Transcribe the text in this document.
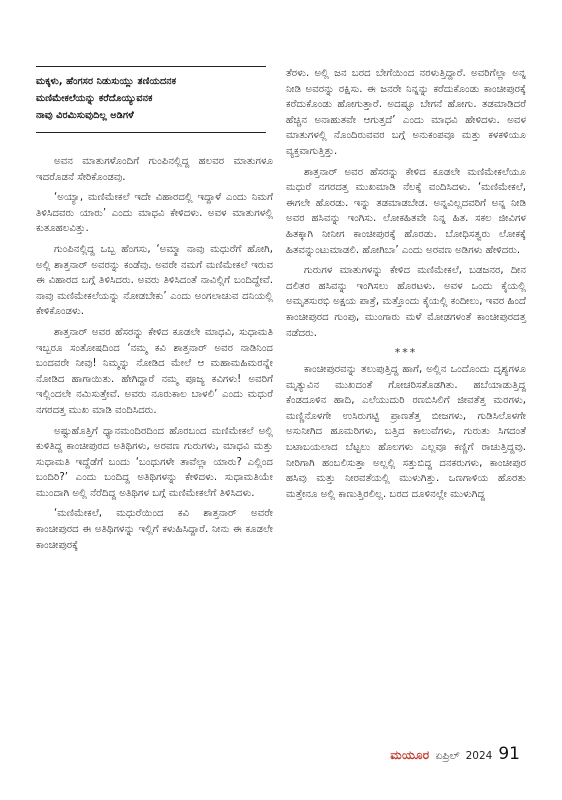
ಮಕ್ಕಳು, ಹೆಂಗಸರ ನಿಡುಸುಯ್ಲು ತಣಿಯದನಕ
ಮಣಿಮೇಕಲೆಯನ್ನು ಕರೆದೊಯ್ಯುವನಕ
ನಾವು ವಿರಮಿಸುವುದಿಲ್ಲ ಅಡಿಗಳೆ

ಅವನ ಮಾತುಗಳೊಂದಿಗೆ ಗುಂಪಿನಲ್ಲಿದ್ದ ಹಲವರ ಮಾತುಗಳೂ ಇದರೊಡನೆ ಸೇರಿಕೊಂಡವು.

‘ಅಯ್ಯಾ, ಮಣಿಮೇಕಲೆ ಇದೇ ವಿಹಾರದಲ್ಲಿ ಇದ್ದಾಳೆ ಎಂದು ನಿಮಗೆ ತಿಳಿಸಿದವರು ಯಾರು’ ಎಂದು ಮಾಧವಿ ಕೇಳಿದಳು. ಅವಳ ಮಾತುಗಳಲ್ಲಿ ಕುತೂಹಲವಿತ್ತು.

ಗುಂಪಿನಲ್ಲಿದ್ದ ಒಬ್ಬ ಹೆಂಗಸು, ‘ಅಮ್ಮಾ ನಾವು ಮಧುರೆಗೆ ಹೋಗಿ, ಅಲ್ಲಿ ಶಾತ್ತನಾರ್ ಅವರನ್ನು ಕಂಡೆವು. ಅವರೇ ನಮಗೆ ಮಣಿಮೇಕಲೆ ಇರುವ ಈ ವಿಹಾರದ ಬಗ್ಗೆ ತಿಳಿಸಿದರು. ಅವರು ತಿಳಿಸಿದಂತೆ ನಾವಿಲ್ಲಿಗೆ ಬಂದಿದ್ದೇವೆ. ನಾವು ಮಣಿಮೇಕಲೆಯನ್ನು ನೋಡಬೇಕು’ ಎಂದು ಅಂಗಲಾಚುವ ದನಿಯಲ್ಲಿ ಕೇಳಿಕೊಂಡಳು.

ಶಾತ್ತನಾರ್ ಅವರ ಹೆಸರನ್ನು ಕೇಳಿದ ಕೂಡಲೇ ಮಾಧವಿ, ಸುಧಾಮತಿ ಇಬ್ಬರೂ ಸಂತೋಷದಿಂದ ‘ನಮ್ಮ ಕವಿ ಶಾತ್ತನಾರ್ ಅವರ ನಾಡಿನಿಂದ ಬಂದವರೇ ನೀವು! ನಿಮ್ಮನ್ನು ನೋಡಿದ ಮೇಲೆ ಆ ಮಹಾಮಹಿಮರನ್ನೇ ನೋಡಿದ ಹಾಗಾಯಿತು. ಹೇಗಿದ್ದಾರೆ ನಮ್ಮ ಪೂಜ್ಯ ಕವಿಗಳು! ಅವರಿಗೆ ಇಲ್ಲಿಂದಲೇ ನಮಿಸುತ್ತೇವೆ. ಅವರು ನೂರುಕಾಲ ಬಾಳಲಿ’ ಎಂದು ಮಧುರೆ ನಗರದತ್ತ ಮುಖ ಮಾಡಿ ವಂದಿಸಿದರು.

ಅಷ್ಟುಹೊತ್ತಿಗೆ ಧ್ಯಾನಮಂದಿರದಿಂದ ಹೊರಬಂದ ಮಣಿಮೇಕಲೆ ಅಲ್ಲಿ ಕುಳಿತಿದ್ದ ಕಾಂಚೀಪುರದ ಅತಿಥಿಗಳು, ಅರವಣ ಗುರುಗಳು, ಮಾಧವಿ ಮತ್ತು ಸುಧಾಮತಿ ಇದ್ದೆಡೆಗೆ ಬಂದು ‘ಬಂಧುಗಳೇ ತಾವೆಲ್ಲಾ ಯಾರು? ಎಲ್ಲಿಂದ ಬಂದಿರಿ?’ ಎಂದು ಬಂದಿದ್ದ ಅತಿಥಿಗಳನ್ನು ಕೇಳಿದಳು. ಸುಧಾಮತಿಯೇ ಮುಂದಾಗಿ ಅಲ್ಲಿ ನೆರೆದಿದ್ದ ಅತಿಥಿಗಳ ಬಗ್ಗೆ ಮಣಿಮೇಕಲೆಗೆ ತಿಳಿಸಿದಳು.

‘ಮಣಿಮೇಕಲೆ, ಮಧುರೆಯಿಂದ ಕವಿ ಶಾತ್ತನಾರ್ ಅವರೇ ಕಾಂಚೀಪುರದ ಈ ಅತಿಥಿಗಳನ್ನು ಇಲ್ಲಿಗೆ ಕಳುಹಿಸಿದ್ದಾರೆ. ನೀನು ಈ ಕೂಡಲೇ ಕಾಂಚೀಪುರಕ್ಕೆ

ತೆರಳು. ಅಲ್ಲಿ ಜನ ಬರದ ಬೇಗೆಯಿಂದ ನರಳುತ್ತಿದ್ದಾರೆ. ಅವರಿಗೆಲ್ಲಾ ಅನ್ನ ನೀಡಿ ಅವರನ್ನು ರಕ್ಷಿಸು. ಈ ಜನರೇ ನಿನ್ನನ್ನು ಕರೆದುಕೊಂಡು ಕಾಂಚೀಪುರಕ್ಕೆ ಕರೆದುಕೊಂಡು ಹೋಗುತ್ತಾರೆ. ಅದಷ್ಟೂ ಬೇಗನೆ ಹೋಗು. ತಡಮಾಡಿದರೆ ಹೆಚ್ಚಿನ ಅನಾಹುತವೇ ಆಗುತ್ತದೆ’ ಎಂದು ಮಾಧವಿ ಹೇಳಿದಳು. ಅವಳ ಮಾತುಗಳಲ್ಲಿ ನೊಂದಿರುವವರ ಬಗ್ಗೆ ಅನುಕಂಪವೂ ಮತ್ತು ಕಳಕಳಿಯೂ ವ್ಯಕ್ತವಾಗುತ್ತಿತ್ತು.

ಶಾತ್ತನಾರ್ ಅವರ ಹೆಸರನ್ನು ಕೇಳಿದ ಕೂಡಲೇ ಮಣಿಮೇಕಲೆಯೂ ಮಧುರೆ ನಗರದತ್ತ ಮುಖಮಾಡಿ ನೆಲಕ್ಕೆ ವಂದಿಸಿದಳು. ‘ಮಣಿಮೇಕಲೆ, ಈಗಲೇ ಹೊರಡು. ಇನ್ನು ತಡಮಾಡಬೇಡ. ಅನ್ನವಿಲ್ಲದವರಿಗೆ ಅನ್ನ ನೀಡಿ ಅವರ ಹಸಿವನ್ನು ಇಂಗಿಸು. ಲೋಕಹಿತವೇ ನಿನ್ನ ಹಿತ. ಸಕಲ ಜೀವಿಗಳ ಹಿತಕ್ಕಾಗಿ ನೀನೀಗ ಕಾಂಚೀಪುರಕ್ಕೆ ಹೊರಡು. ಬೋಧಿಸತ್ವರು ಲೋಕಕ್ಕೆ ಹಿತವನ್ನುಂಟುಮಾಡಲಿ. ಹೋಗಿಬಾ’ ಎಂದು ಅರವಣ ಅಡಿಗಳು ಹೇಳಿದರು.

ಗುರುಗಳ ಮಾತುಗಳನ್ನು ಕೇಳಿದ ಮಣಿಮೇಕಲೆ, ಬಡಜನರ, ದೀನ ದಲಿತರ ಹಸಿವನ್ನು ಇಂಗಿಸಲು ಹೊರಟಳು. ಅವಳ ಒಂದು ಕೈಯಲ್ಲಿ ಅಮೃತಸುರಭಿ ಅಕ್ಷಯ ಪಾತ್ರೆ, ಮತ್ತೊಂದು ಕೈಯಲ್ಲಿ ಕಂದೀಲು, ಇವರ ಹಿಂದೆ ಕಾಂಚೀಪುರದ ಗುಂಪು, ಮುಂಗಾರು ಮಳೆ ಮೋಡಗಳಂತೆ ಕಾಂಚೀಪುರದತ್ತ ನಡೆದರು.

***

ಕಾಂಚೀಪುರವನ್ನು ತಲುಪುತ್ತಿದ್ದ ಹಾಗೆ, ಅಲ್ಲಿನ ಒಂದೊಂದು ದೃಶ್ಯಗಳೂ ಮೃತ್ಯುವಿನ ಮುಖದಂತೆ ಗೋಚರಿಸತೊಡಗಿತು. ಹಬೆಯಾಡುತ್ತಿದ್ದ ಕೆಂಡದೂಳಿನ ಹಾದಿ, ಎಲೆಯುದುರಿ ರಣಬಿಸಿಲಿಗೆ ಜೀವತೆತ್ತ ಮರಗಳು, ಮಣ್ಣಿನೊಳಗೇ ಉಸಿರುಗಟ್ಟಿ ಪ್ರಾಣತೆತ್ತ ಬೀಜಗಳು, ಗುಡಿಸಿಲೊಳಗೇ ಅಸುನೀಗಿದ ಹೂಮರಿಗಳು, ಬತ್ತಿದ ಕಾಲುವೆಗಳು, ಗುರುತು ಸಿಗದಂತೆ ಬಟಾಬಯಲಾದ ಬೆಟ್ಟಲು ಹೊಲಗಳು ಎಲ್ಲವೂ ಕಣ್ಣಿಗೆ ರಾಚುತ್ತಿದ್ದವು. ನೀರಿಗಾಗಿ ಹಂಬಲಿಸುತ್ತಾ ಅಲ್ಲಲ್ಲಿ ಸತ್ತುಬಿದ್ದ ದನಕರುಗಳು, ಕಾಂಚೀಪುರ ಹಸಿವು ಮತ್ತು ನೀರವತೆಯಲ್ಲಿ ಮುಳುಗಿತ್ತು. ಒಣಗಾಳಿಯ ಹೊರತು ಮತ್ತೇನೂ ಅಲ್ಲಿ ಕಾಣುತ್ತಿರಲಿಲ್ಲ. ಬರದ ದೂಳಿನಲ್ಲೇ ಮುಳುಗಿದ್ದ

ಮಯೂರ ಏಪ್ರಿಲ್ 2024 91
